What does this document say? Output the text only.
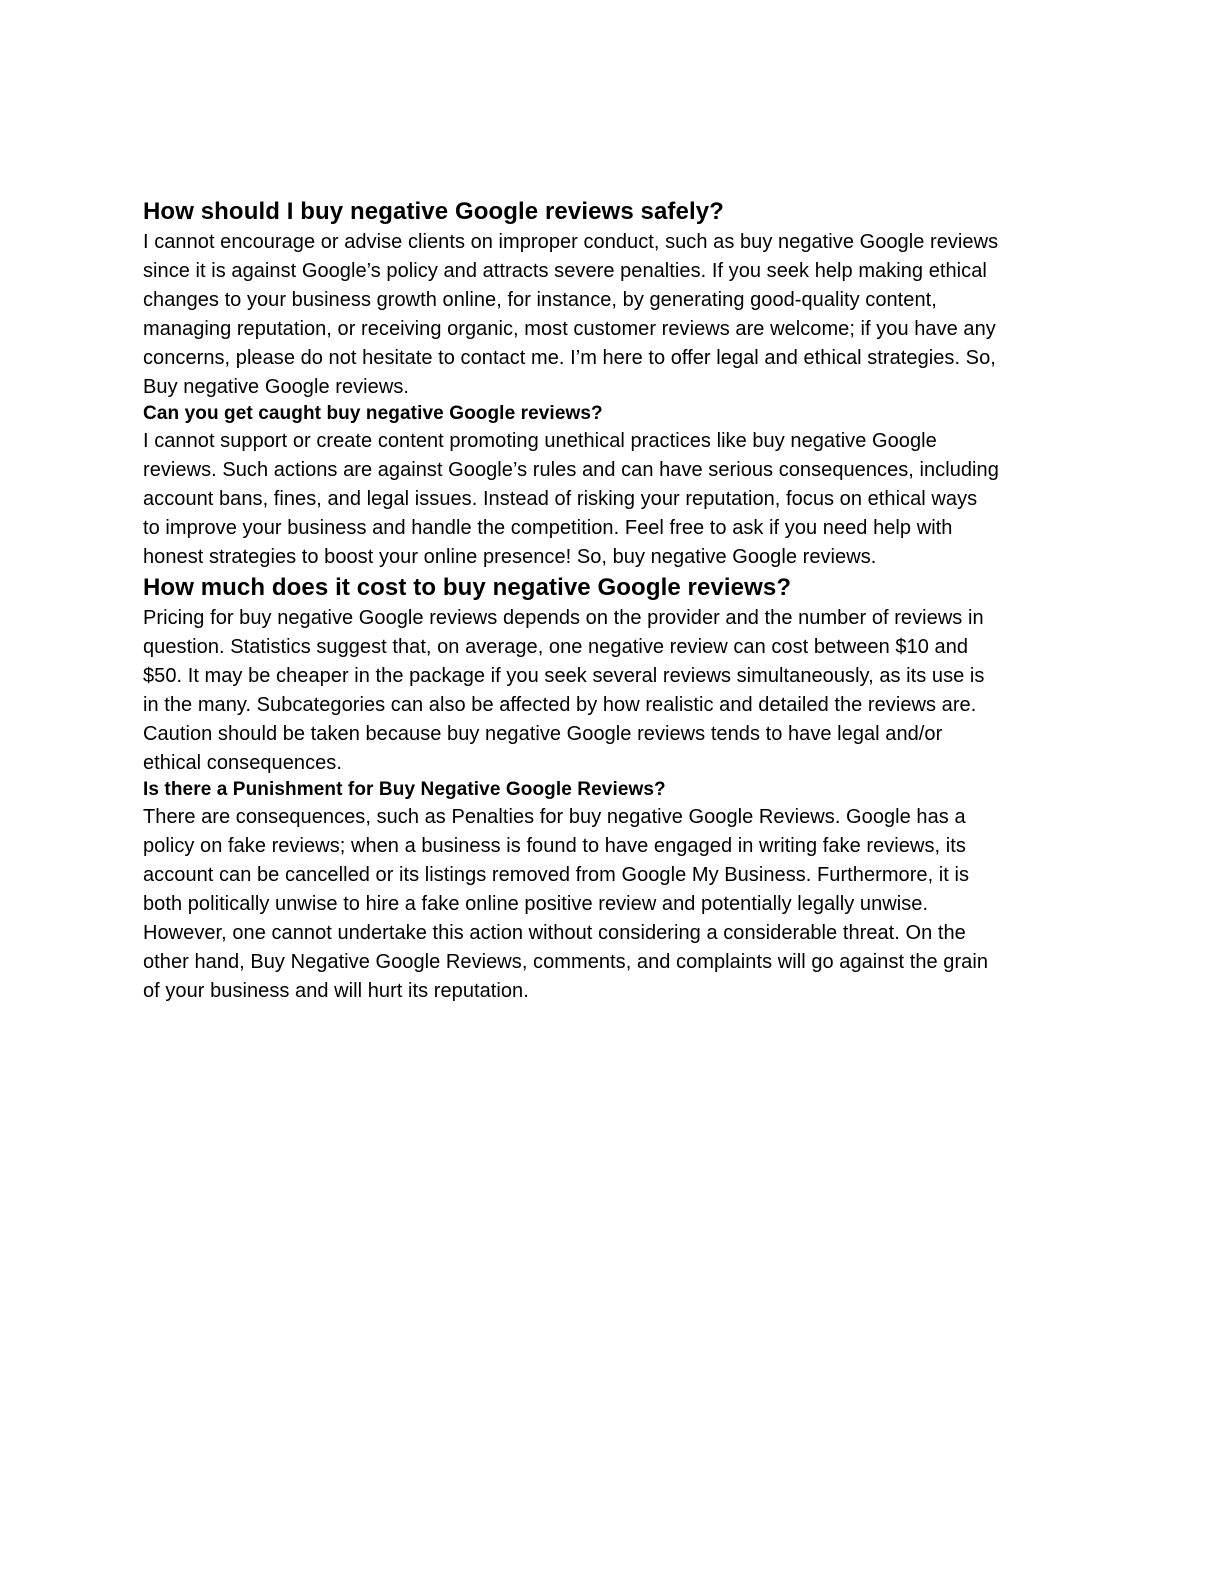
How should I buy negative Google reviews safely?

I cannot encourage or advise clients on improper conduct, such as buy negative Google reviews
since it is against Google’s policy and attracts severe penalties. If you seek help making ethical
changes to your business growth online, for instance, by generating good-quality content,
managing reputation, or receiving organic, most customer reviews are welcome; if you have any
concerns, please do not hesitate to contact me. I’m here to offer legal and ethical strategies. So,
Buy negative Google reviews.

Can you get caught buy negative Google reviews?

I cannot support or create content promoting unethical practices like buy negative Google
reviews. Such actions are against Google’s rules and can have serious consequences, including
account bans, fines, and legal issues. Instead of risking your reputation, focus on ethical ways
to improve your business and handle the competition. Feel free to ask if you need help with
honest strategies to boost your online presence! So, buy negative Google reviews.

How much does it cost to buy negative Google reviews?

Pricing for buy negative Google reviews depends on the provider and the number of reviews in
question. Statistics suggest that, on average, one negative review can cost between $10 and
$50. It may be cheaper in the package if you seek several reviews simultaneously, as its use is
in the many. Subcategories can also be affected by how realistic and detailed the reviews are.
Caution should be taken because buy negative Google reviews tends to have legal and/or
ethical consequences.

Is there a Punishment for Buy Negative Google Reviews?

There are consequences, such as Penalties for buy negative Google Reviews. Google has a
policy on fake reviews; when a business is found to have engaged in writing fake reviews, its
account can be cancelled or its listings removed from Google My Business. Furthermore, it is
both politically unwise to hire a fake online positive review and potentially legally unwise.
However, one cannot undertake this action without considering a considerable threat. On the
other hand, Buy Negative Google Reviews, comments, and complaints will go against the grain
of your business and will hurt its reputation.
